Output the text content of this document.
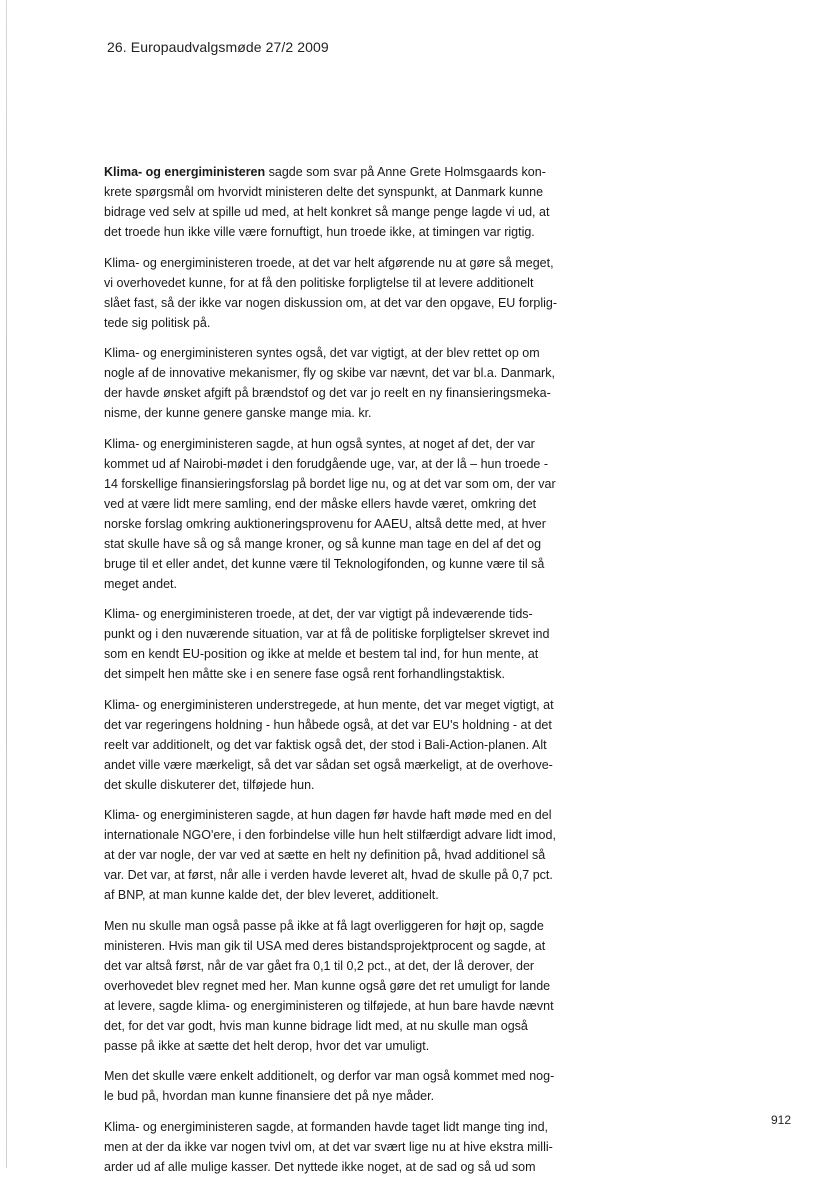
26. Europaudvalgsmøde 27/2 2009

Klima- og energiministeren sagde som svar på Anne Grete Holmsgaards kon-
krete spørgsmål om hvorvidt ministeren delte det synspunkt, at Danmark kunne
bidrage ved selv at spille ud med, at helt konkret så mange penge lagde vi ud, at
det troede hun ikke ville være fornuftigt, hun troede ikke, at timingen var rigtig.

Klima- og energiministeren troede, at det var helt afgørende nu at gøre så meget,
vi overhovedet kunne, for at få den politiske forpligtelse til at levere additionelt
slået fast, så der ikke var nogen diskussion om, at det var den opgave, EU forplig-
tede sig politisk på.

Klima- og energiministeren syntes også, det var vigtigt, at der blev rettet op om
nogle af de innovative mekanismer, fly og skibe var nævnt, det var bl.a. Danmark,
der havde ønsket afgift på brændstof og det var jo reelt en ny finansieringsmeka-
nisme, der kunne genere ganske mange mia. kr.

Klima- og energiministeren sagde, at hun også syntes, at noget af det, der var
kommet ud af Nairobi-mødet i den forudgående uge, var, at der lå – hun troede -
14 forskellige finansieringsforslag på bordet lige nu, og at det var som om, der var
ved at være lidt mere samling, end der måske ellers havde været, omkring det
norske forslag omkring auktioneringsprovenu for AAEU, altså dette med, at hver
stat skulle have så og så mange kroner, og så kunne man tage en del af det og
bruge til et eller andet, det kunne være til Teknologifonden, og kunne være til så
meget andet.

Klima- og energiministeren troede, at det, der var vigtigt på indeværende tids-
punkt og i den nuværende situation, var at få de politiske forpligtelser skrevet ind
som en kendt EU-position og ikke at melde et bestem tal ind, for hun mente, at
det simpelt hen måtte ske i en senere fase også rent forhandlingstaktisk.

Klima- og energiministeren understregede, at hun mente, det var meget vigtigt, at
det var regeringens holdning - hun håbede også, at det var EU's holdning - at det
reelt var additionelt, og det var faktisk også det, der stod i Bali-Action-planen. Alt
andet ville være mærkeligt, så det var sådan set også mærkeligt, at de overhove-
det skulle diskuterer det, tilføjede hun.

Klima- og energiministeren sagde, at hun dagen før havde haft møde med en del
internationale NGO'ere, i den forbindelse ville hun helt stilfærdigt advare lidt imod,
at der var nogle, der var ved at sætte en helt ny definition på, hvad additionel så
var. Det var, at først, når alle i verden havde leveret alt, hvad de skulle på 0,7 pct.
af BNP, at man kunne kalde det, der blev leveret, additionelt.

Men nu skulle man også passe på ikke at få lagt overliggeren for højt op, sagde
ministeren. Hvis man gik til USA med deres bistandsprojektprocent og sagde, at
det var altså først, når de var gået fra 0,1 til 0,2 pct., at det, der lå derover, der
overhovedet blev regnet med her. Man kunne også gøre det ret umuligt for lande
at levere, sagde klima- og energiministeren og tilføjede, at hun bare havde nævnt
det, for det var godt, hvis man kunne bidrage lidt med, at nu skulle man også
passe på ikke at sætte det helt derop, hvor det var umuligt.

Men det skulle være enkelt additionelt, og derfor var man også kommet med nog-
le bud på, hvordan man kunne finansiere det på nye måder.

Klima- og energiministeren sagde, at formanden havde taget lidt mange ting ind,
men at der da ikke var nogen tvivl om, at det var svært lige nu at hive ekstra milli-
arder ud af alle mulige kasser. Det nyttede ikke noget, at de sad og så ud som

912
